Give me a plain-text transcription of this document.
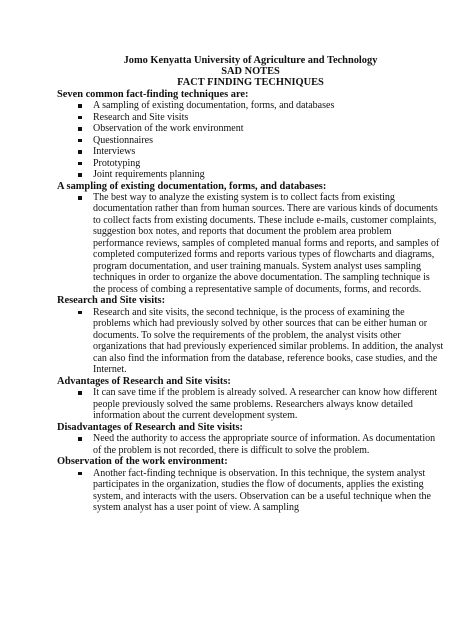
Jomo Kenyatta University of Agriculture and Technology
SAD NOTES
FACT FINDING TECHNIQUES
Seven common fact-finding techniques are:
A sampling of existing documentation, forms, and databases
Research and Site visits
Observation of the work environment
Questionnaires
Interviews
Prototyping
Joint requirements planning
A sampling of existing documentation, forms, and databases:
The best way to analyze the existing system is to collect facts from existing documentation rather than from human sources. There are various kinds of documents to collect facts from existing documents. These include e-mails, customer complaints, suggestion box notes, and reports that document the problem area problem performance reviews, samples of completed manual forms and reports, and samples of completed computerized forms and reports various types of flowcharts and diagrams, program documentation, and user training manuals. System analyst uses sampling techniques in order to organize the above documentation. The sampling technique is the process of combing a representative sample of documents, forms, and records.
Research and Site visits:
Research and site visits, the second technique, is the process of examining the problems which had previously solved by other sources that can be either human or documents. To solve the requirements of the problem, the analyst visits other organizations that had previously experienced similar problems. In addition, the analyst can also find the information from the database, reference books, case studies, and the Internet.
Advantages of Research and Site visits:
It can save time if the problem is already solved. A researcher can know how different people previously solved the same problems. Researchers always know detailed information about the current development system.
Disadvantages of Research and Site visits:
Need the authority to access the appropriate source of information. As documentation of the problem is not recorded, there is difficult to solve the problem.
Observation of the work environment:
Another fact-finding technique is observation. In this technique, the system analyst participates in the organization, studies the flow of documents, applies the existing system, and interacts with the users. Observation can be a useful technique when the system analyst has a user point of view. A sampling
